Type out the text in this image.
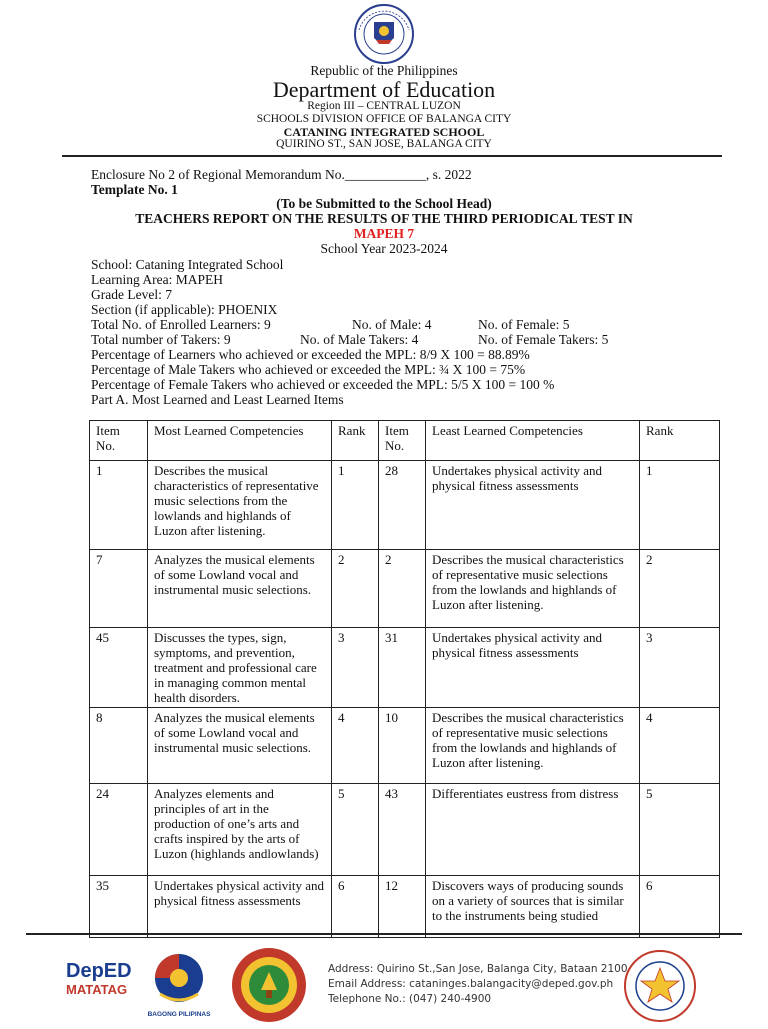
Republic of the Philippines
Department of Education
Region III – CENTRAL LUZON
SCHOOLS DIVISION OFFICE OF BALANGA CITY
CATANING INTEGRATED SCHOOL
QUIRINO ST., SAN JOSE, BALANGA CITY
Enclosure No 2 of Regional Memorandum No.____________, s. 2022
Template No. 1
(To be Submitted to the School Head)
TEACHERS REPORT ON THE RESULTS OF THE THIRD PERIODICAL TEST IN
MAPEH 7
School Year 2023-2024
School: Cataning Integrated School
Learning Area: MAPEH
Grade Level: 7
Section (if applicable): PHOENIX
Total No. of Enrolled Learners: 9	No. of Male: 4	No. of Female: 5
Total number of Takers: 9	No. of Male Takers: 4	No. of Female Takers: 5
Percentage of Learners who achieved or exceeded the MPL: 8/9 X 100 = 88.89%
Percentage of Male Takers who achieved or exceeded the MPL: ¾ X 100 = 75%
Percentage of Female Takers who achieved or exceeded the MPL: 5/5 X 100 = 100 %
Part A. Most Learned and Least Learned Items
Item No.	Most Learned Competencies	Rank	Item No.	Least Learned Competencies	Rank
1	Describes the musical characteristics of representative music selections from the lowlands and highlands of Luzon after listening.	1	28	Undertakes physical activity and physical fitness assessments	1
7	Analyzes the musical elements of some Lowland vocal and instrumental music selections.	2	2	Describes the musical characteristics of representative music selections from the lowlands and highlands of Luzon after listening.	2
45	Discusses the types, sign, symptoms, and prevention, treatment and professional care in managing common mental health disorders.	3	31	Undertakes physical activity and physical fitness assessments	3
8	Analyzes the musical elements of some Lowland vocal and instrumental music selections.	4	10	Describes the musical characteristics of representative music selections from the lowlands and highlands of Luzon after listening.	4
24	Analyzes elements and principles of art in the production of one’s arts and crafts inspired by the arts of Luzon (highlands andlowlands)	5	43	Differentiates eustress from distress	5
35	Undertakes physical activity and physical fitness assessments	6	12	Discovers ways of producing sounds on a variety of sources that is similar to the instruments being studied	6
DepED
MATATAG
BAGONG PILIPINAS
Address: Quirino St.,San Jose, Balanga City, Bataan 2100
Email Address: cataninges.balangacity@deped.gov.ph
Telephone No.: (047) 240-4900
